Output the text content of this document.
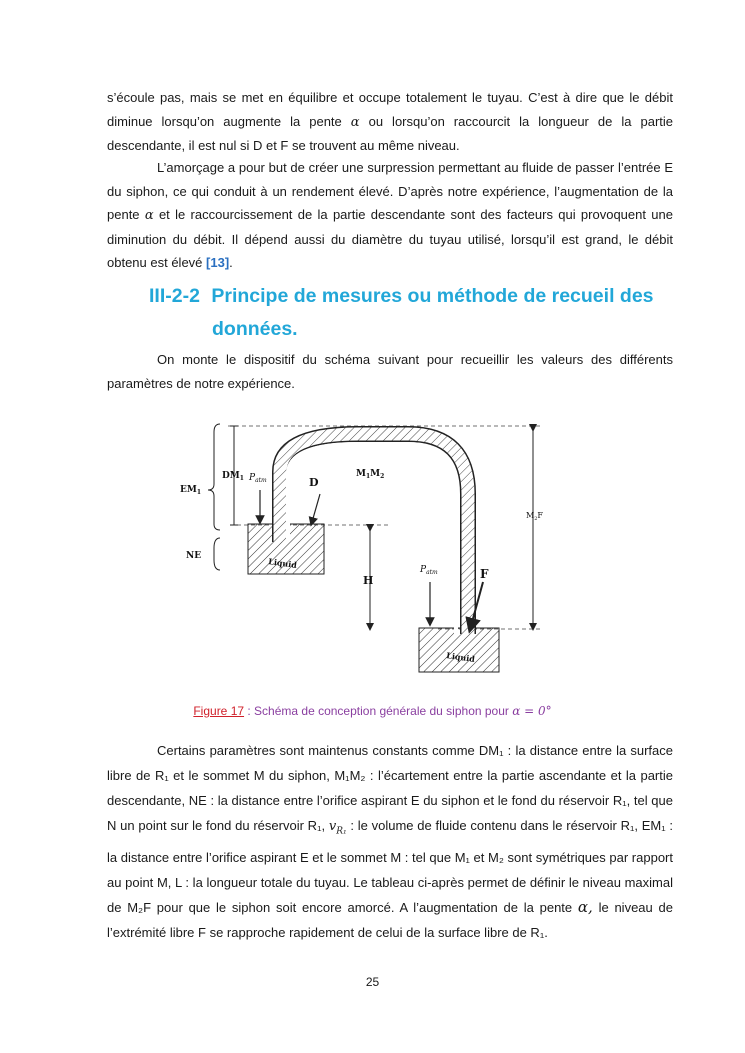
s’écoule pas, mais se met en équilibre et occupe totalement le tuyau. C’est à dire que le débit diminue lorsqu’on augmente la pente α ou lorsqu’on raccourcit la longueur de la partie descendante, il est nul si D et F se trouvent au même niveau.

L’amorçage a pour but de créer une surpression permettant au fluide de passer l’entrée E du siphon, ce qui conduit à un rendement élevé. D’après notre expérience, l’augmentation de la pente α et le raccourcissement de la partie descendante sont des facteurs qui provoquent une diminution du débit. Il dépend aussi du diamètre du tuyau utilisé, lorsqu’il est grand, le débit obtenu est élevé [13].

III-2-2 Principe de mesures ou méthode de recueil des
données.

On monte le dispositif du schéma suivant pour recueillir les valeurs des différents paramètres de notre expérience.

$DM_1$
$EM_1$
$P_{atm}$	D
$M_1M_2$
$M_2F$
NE
Liquid
H
$P_{atm}$	F
Liquid
Figure 17 : Schéma de conception générale du siphon pour α = 0°

Certains paramètres sont maintenus constants comme DM₁ : la distance entre la surface libre de R₁ et le sommet M du siphon, M₁M₂ : l’écartement entre la partie ascendante et la partie descendante, NE : la distance entre l’orifice aspirant E du siphon et le fond du réservoir R₁, tel que N un point sur le fond du réservoir R₁, $v_{R_1}$ : le volume de fluide contenu dans le réservoir R₁, EM₁ : la distance entre l’orifice aspirant E et le sommet M : tel que M₁ et M₂ sont symétriques par rapport au point M, L : la longueur totale du tuyau. Le tableau ci-après permet de définir le niveau maximal de M₂F pour que le siphon soit encore amorcé. A l’augmentation de la pente α, le niveau de l’extrémité libre F se rapproche rapidement de celui de la surface libre de R₁.

25
